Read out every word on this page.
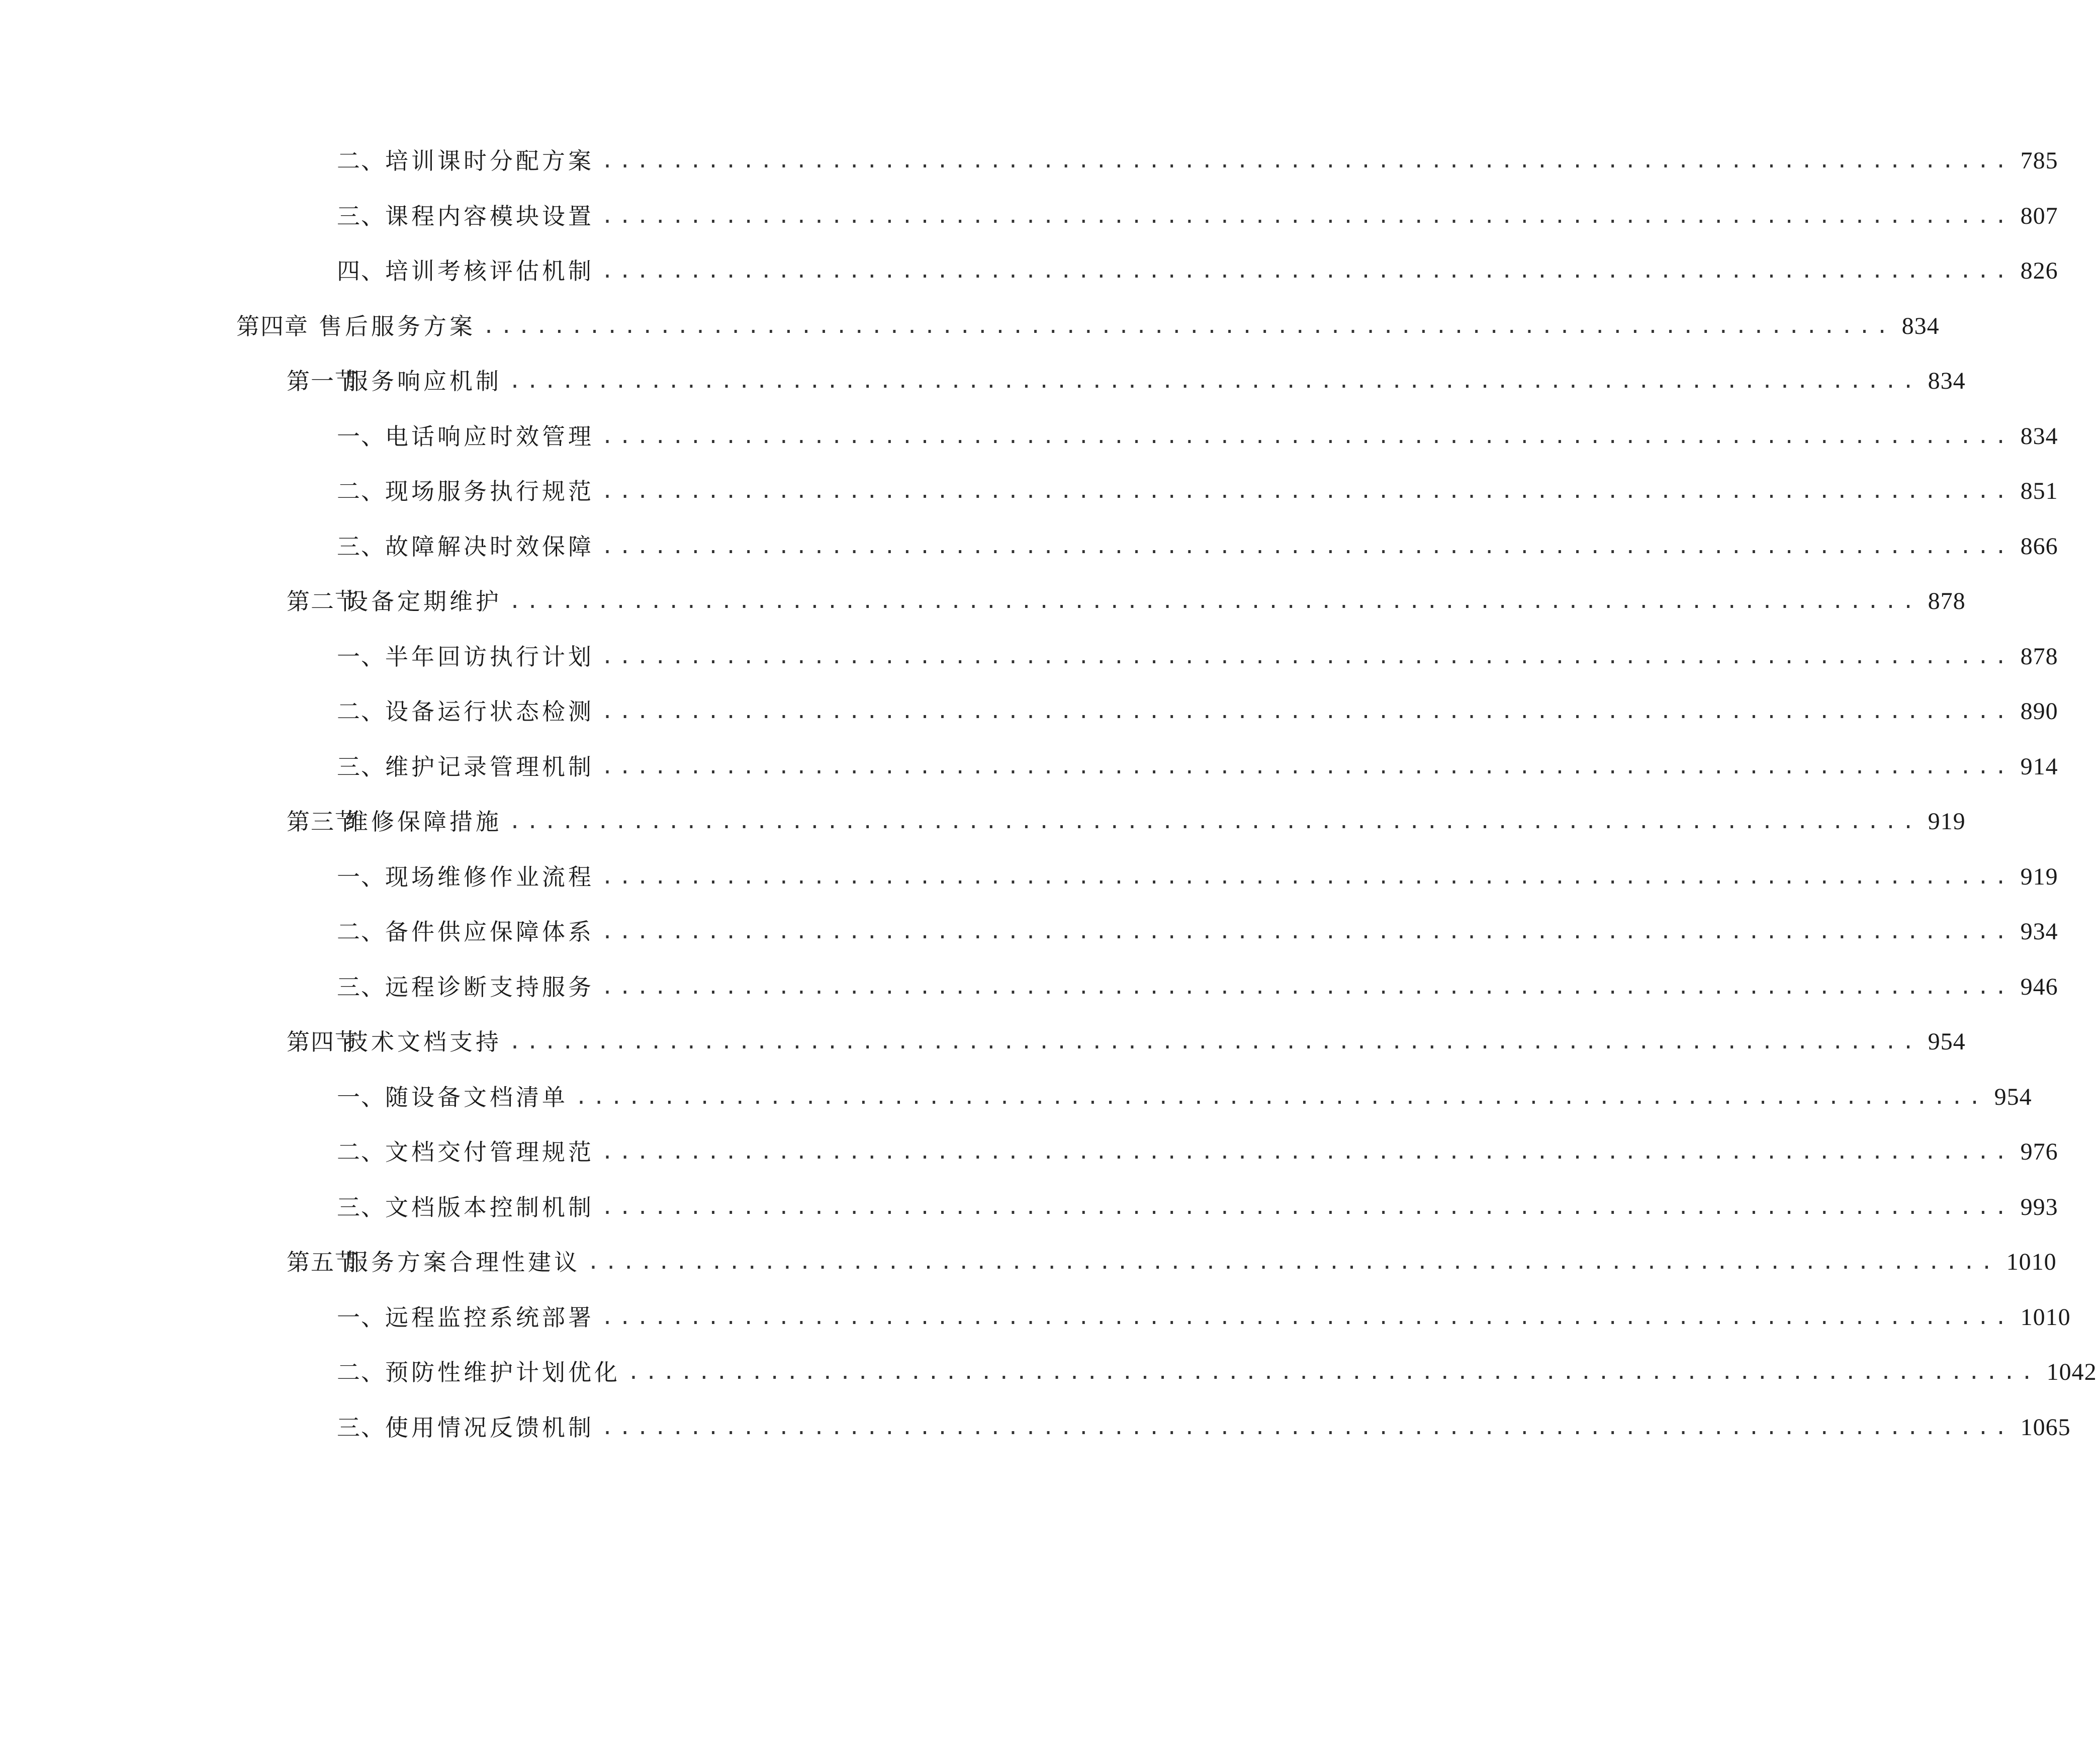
二、 培训课时分配方案 ................................................................................ 785
三、 课程内容模块设置 ................................................................................ 807
四、 培训考核评估机制 ................................................................................ 826
第四章 售后服务方案 ................................................................................ 834
第一节
服务响应机制 ................................................................................ 834
一、 电话响应时效管理 ................................................................................ 834
二、 现场服务执行规范 ................................................................................ 851
三、 故障解决时效保障 ................................................................................ 866
第二节
设备定期维护 ................................................................................ 878
一、 半年回访执行计划 ................................................................................ 878
二、 设备运行状态检测 ................................................................................ 890
三、 维护记录管理机制 ................................................................................ 914
第三节
维修保障措施 ................................................................................ 919
一、 现场维修作业流程 ................................................................................ 919
二、 备件供应保障体系 ................................................................................ 934
三、 远程诊断支持服务 ................................................................................ 946
第四节
技术文档支持 ................................................................................ 954
一、 随设备文档清单 ................................................................................ 954
二、 文档交付管理规范 ................................................................................ 976
三、 文档版本控制机制 ................................................................................ 993
第五节
服务方案合理性建议 ................................................................................ 1010
一、 远程监控系统部署 ................................................................................ 1010
二、 预防性维护计划优化 ................................................................................ 1042
三、 使用情况反馈机制 ................................................................................ 1065
